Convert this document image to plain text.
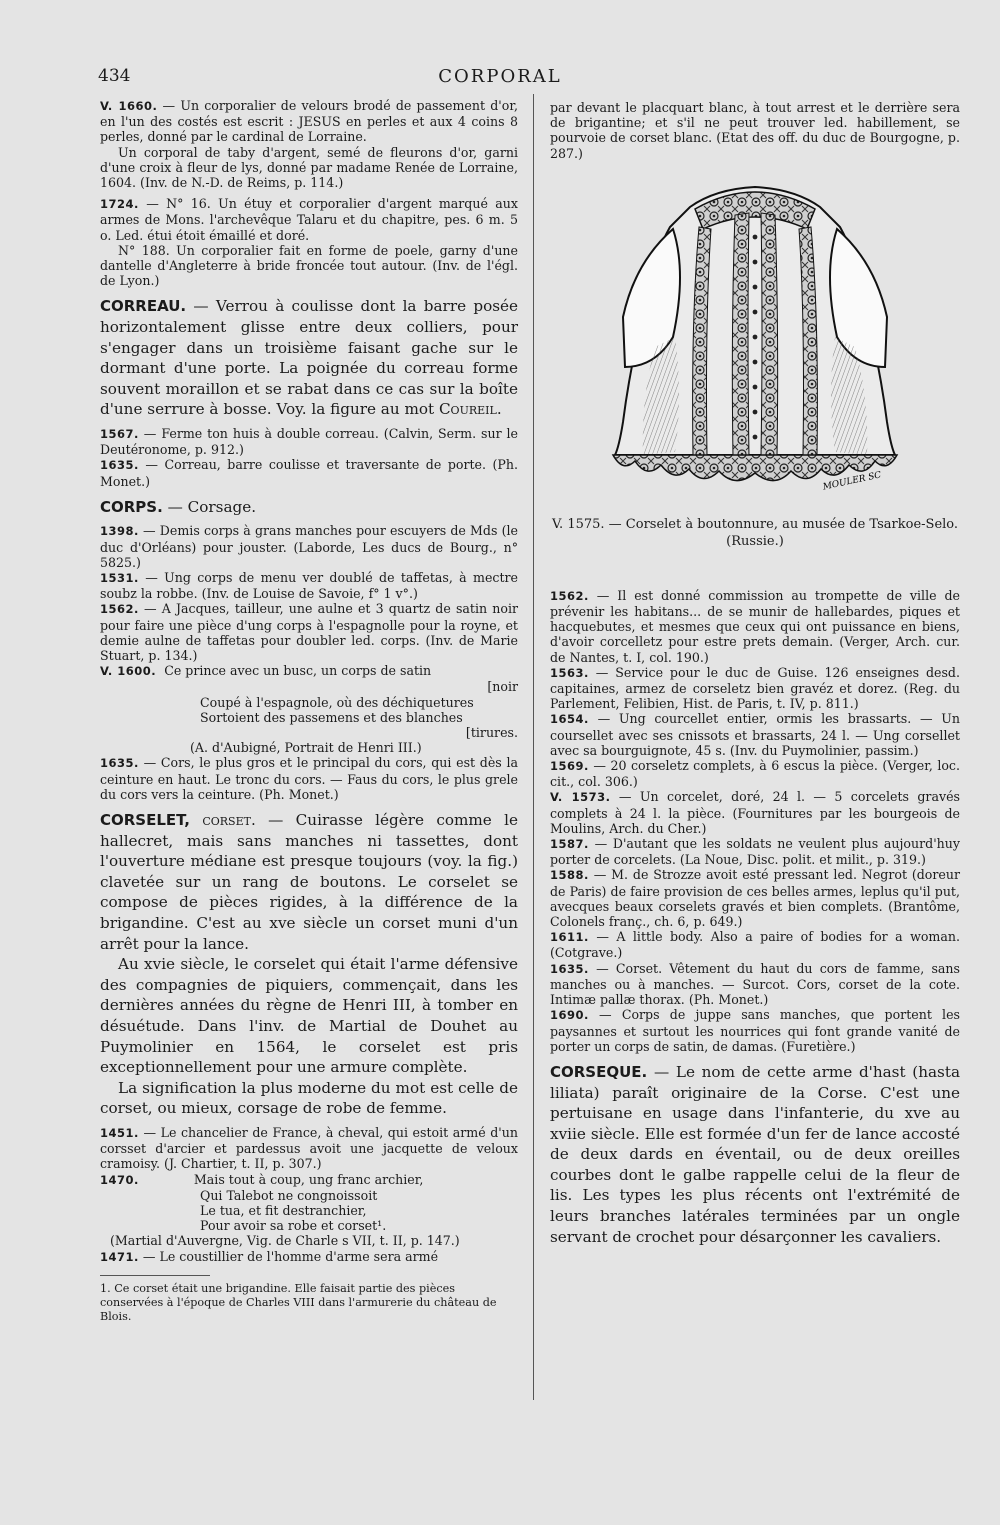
434	CORPORAL

V. 1660. — Un corporalier de velours brodé de passement d'or, en l'un des costés est escrit : JESUS en perles et aux 4 coins 8 perles, donné par le cardinal de Lorraine.

Un corporal de taby d'argent, semé de fleurons d'or, garni d'une croix à fleur de lys, donné par madame Renée de Lorraine, 1604. (Inv. de N.-D. de Reims, p. 114.)

1724. — N° 16. Un étuy et corporalier d'argent marqué aux armes de Mons. l'archevêque Talaru et du chapitre, pes. 6 m. 5 o. Led. étui étoit émaillé et doré.

N° 188. Un corporalier fait en forme de poele, garny d'une dantelle d'Angleterre à bride froncée tout autour. (Inv. de l'égl. de Lyon.)

CORREAU. — Verrou à coulisse dont la barre posée horizontalement glisse entre deux colliers, pour s'engager dans un troisième faisant gache sur le dormant d'une porte. La poignée du correau forme souvent moraillon et se rabat dans ce cas sur la boîte d'une serrure à bosse. Voy. la figure au mot Coureil.

1567. — Ferme ton huis à double correau. (Calvin, Serm. sur le Deutéronome, p. 912.)

1635. — Correau, barre coulisse et traversante de porte. (Ph. Monet.)

CORPS. — Corsage.

1398. — Demis corps à grans manches pour escuyers de Mds (le duc d'Orléans) pour jouster. (Laborde, Les ducs de Bourg., n° 5825.)

1531. — Ung corps de menu ver doublé de taffetas, à mectre soubz la robbe. (Inv. de Louise de Savoie, f° 1 v°.)

1562. — A Jacques, tailleur, une aulne et 3 quartz de satin noir pour faire une pièce d'ung corps à l'espagnolle pour la royne, et demie aulne de taffetas pour doubler led. corps. (Inv. de Marie Stuart, p. 134.)

V. 1600. Ce prince avec un busc, un corps de satin
[noir
Coupé à l'espagnole, où des déchiquetures
Sortoient des passemens et des blanches
[tirures.
(A. d'Aubigné, Portrait de Henri III.)

1635. — Cors, le plus gros et le principal du cors, qui est dès la ceinture en haut. Le tronc du cors. — Faus du cors, le plus grele du cors vers la ceinture. (Ph. Monet.)

CORSELET, corset. — Cuirasse légère comme le hallecret, mais sans manches ni tassettes, dont l'ouverture médiane est presque toujours (voy. la fig.) clavetée sur un rang de boutons. Le corselet se compose de pièces rigides, à la différence de la brigandine. C'est au xve siècle un corset muni d'un arrêt pour la lance.

Au xvie siècle, le corselet qui était l'arme défensive des compagnies de piquiers, commençait, dans les dernières années du règne de Henri III, à tomber en désuétude. Dans l'inv. de Martial de Douhet au Puymolinier en 1564, le corselet est pris exceptionnellement pour une armure complète.

La signification la plus moderne du mot est celle de corset, ou mieux, corsage de robe de femme.

1451. — Le chancelier de France, à cheval, qui estoit armé d'un corsset d'arcier et pardessus avoit une jacquette de veloux cramoisy. (J. Chartier, t. II, p. 307.)

1470.	Mais tout à coup, ung franc archier,
Qui Talebot ne congnoissoit
Le tua, et fit destranchier,
Pour avoir sa robe et corset¹.
(Martial d'Auvergne, Vig. de Charle s VII, t. II, p. 147.)

1471. — Le coustillier de l'homme d'arme sera armé

1. Ce corset était une brigandine. Elle faisait partie des pièces conservées à l'époque de Charles VIII dans l'armurerie du château de Blois.

par devant le placquart blanc, à tout arrest et le derrière sera de brigantine; et s'il ne peut trouver led. habillement, se pourvoie de corset blanc. (Etat des off. du duc de Bourgogne, p. 287.)

MOULER SC

V. 1575. — Corselet à boutonnure, au musée de Tsarkoe-Selo. (Russie.)

1562. — Il est donné commission au trompette de ville de prévenir les habitans... de se munir de hallebardes, piques et hacquebutes, et mesmes que ceux qui ont puissance en biens, d'avoir corcelletz pour estre prets demain. (Verger, Arch. cur. de Nantes, t. I, col. 190.)

1563. — Service pour le duc de Guise. 126 enseignes desd. capitaines, armez de corseletz bien gravéz et dorez. (Reg. du Parlement, Felibien, Hist. de Paris, t. IV, p. 811.)

1654. — Ung courcellet entier, ormis les brassarts. — Un coursellet avec ses cnissots et brassarts, 24 l. — Ung corsellet avec sa bourguignote, 45 s. (Inv. du Puymolinier, passim.)

1569. — 20 corseletz complets, à 6 escus la pièce. (Verger, loc. cit., col. 306.)

V. 1573. — Un corcelet, doré, 24 l. — 5 corcelets gravés complets à 24 l. la pièce. (Fournitures par les bourgeois de Moulins, Arch. du Cher.)

1587. — D'autant que les soldats ne veulent plus aujourd'huy porter de corcelets. (La Noue, Disc. polit. et milit., p. 319.)

1588. — M. de Strozze avoit esté pressant led. Negrot (doreur de Paris) de faire provision de ces belles armes, leplus qu'il put, avecques beaux corselets gravés et bien complets. (Brantôme, Colonels franç., ch. 6, p. 649.)

1611. — A little body. Also a paire of bodies for a woman. (Cotgrave.)

1635. — Corset. Vêtement du haut du cors de famme, sans manches ou à manches. — Surcot. Cors, corset de la cote. Intimæ pallæ thorax. (Ph. Monet.)

1690. — Corps de juppe sans manches, que portent les paysannes et surtout les nourrices qui font grande vanité de porter un corps de satin, de damas. (Furetière.)

CORSEQUE. — Le nom de cette arme d'hast (hasta liliata) paraît originaire de la Corse. C'est une pertuisane en usage dans l'infanterie, du xve au xviie siècle. Elle est formée d'un fer de lance accosté de deux dards en éventail, ou de deux oreilles courbes dont le galbe rappelle celui de la fleur de lis. Les types les plus récents ont l'extrémité de leurs branches latérales terminées par un ongle servant de crochet pour désarçonner les cavaliers.
